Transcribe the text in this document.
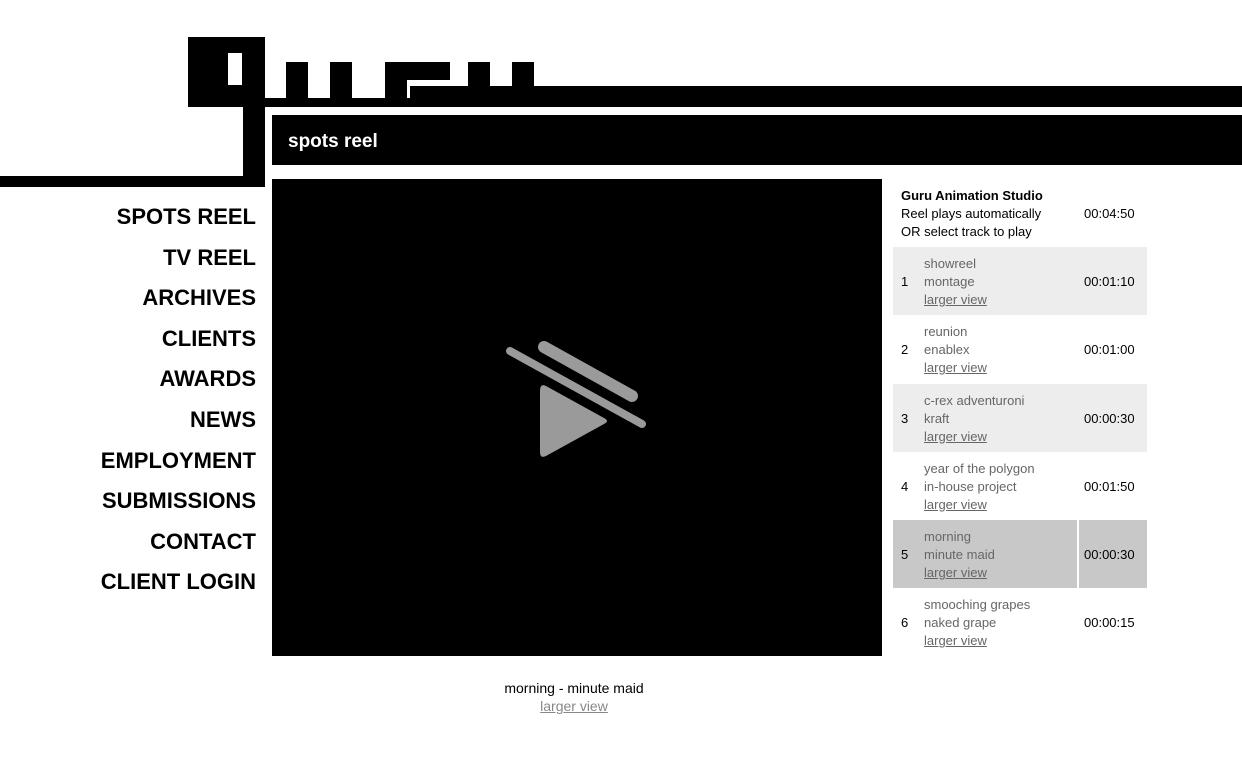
spots reel
SPOTS REEL
TV REEL
ARCHIVES
CLIENTS
AWARDS
NEWS
EMPLOYMENT
SUBMISSIONS
CONTACT
CLIENT LOGIN
morning - minute maid
larger view
Guru Animation Studio
Reel plays automatically
OR select track to play
00:04:50
1
showreel
montage
larger view
00:01:10
2
reunion
enablex
larger view
00:01:00
3
c-rex adventuroni
kraft
larger view
00:00:30
4
year of the polygon
in-house project
larger view
00:01:50
5
morning
minute maid
larger view
00:00:30
6
smooching grapes
naked grape
larger view
00:00:15
